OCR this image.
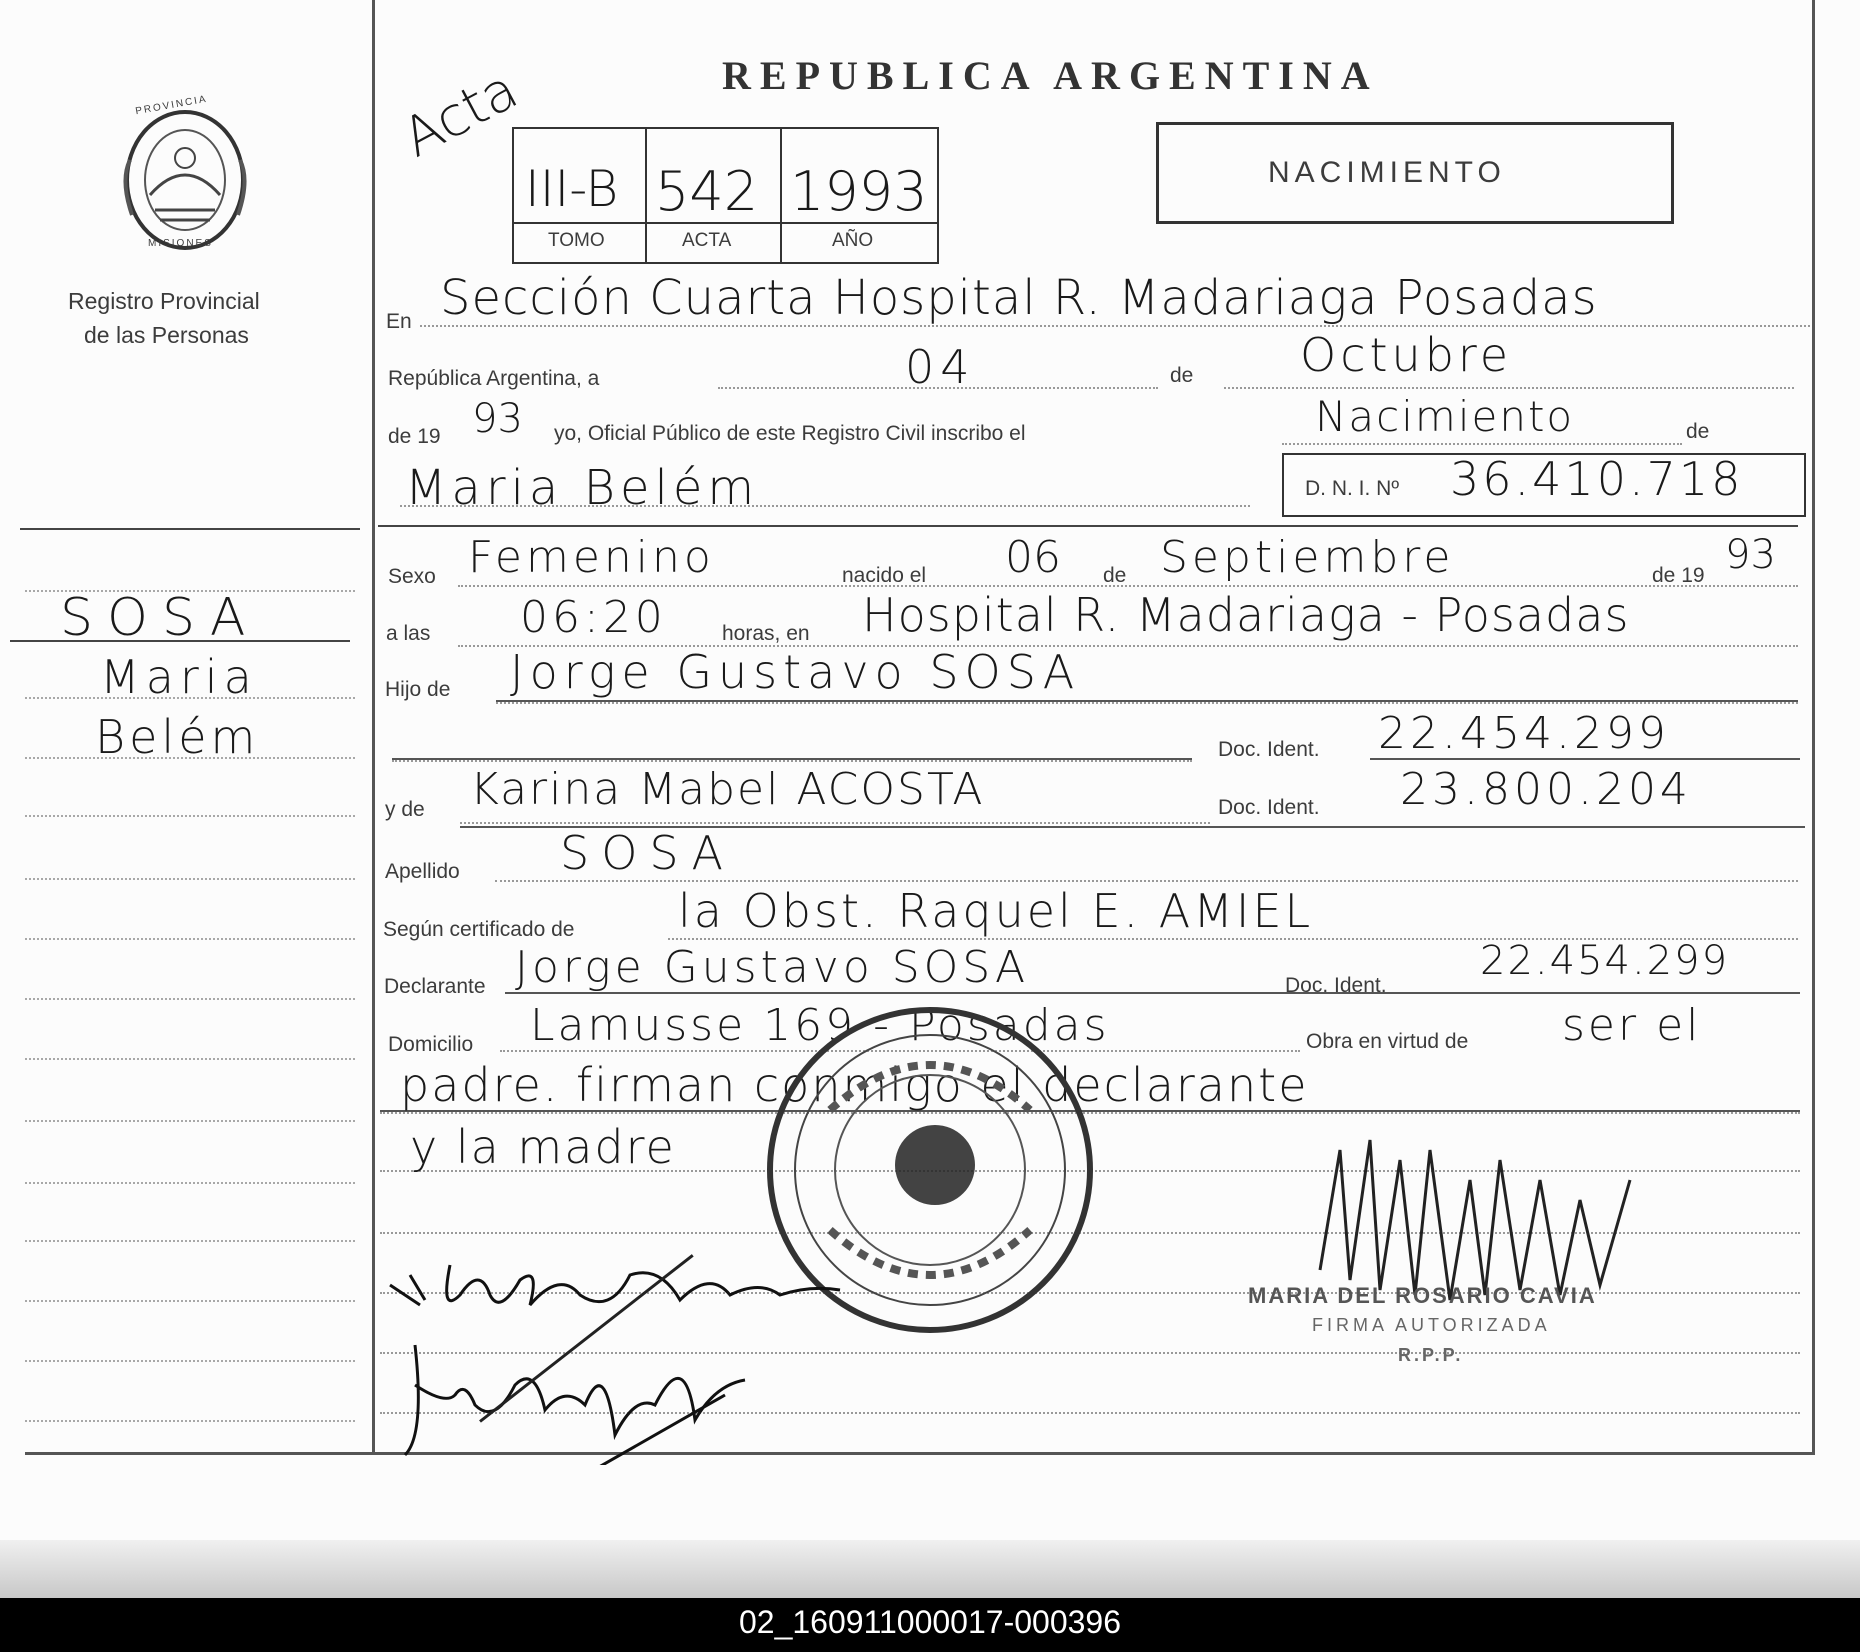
PROVINCIA
MISIONES
Registro Provincial
de las Personas
SOSA
Maria
Belém
REPUBLICA ARGENTINA
Acta
III-B 542 1993
TOMO	ACTA	AÑO
NACIMIENTO
En Sección Cuarta Hospital R. Madariaga Posadas
República Argentina, a	04	de Octubre
de 19 93 yo, Oficial Público de este Registro Civil inscribo el	Nacimiento	de
Maria Belém	D. N. I. Nº 36.410.718
Sexo Femenino	nacido el 06 de Septiembre	de 19 93
a las 06:20	horas, en Hospital R. Madariaga - Posadas
Hijo de Jorge Gustavo SOSA
Doc. Ident. 22.454.299
y de Karina Mabel ACOSTA	Doc. Ident. 23.800.204
Apellido SOSA
Según certificado de la Obst. Raquel E. AMIEL
Declarante Jorge Gustavo SOSA	Doc. Ident.
22.454.299
Domicilio Lamusse 169 - Posadas	Obra en virtud de ser el
padre. firman conmigo el declarante
y la madre
MARIA DEL ROSARIO CAVIA
FIRMA AUTORIZADA
R.P.P.
02_160911000017-000396
